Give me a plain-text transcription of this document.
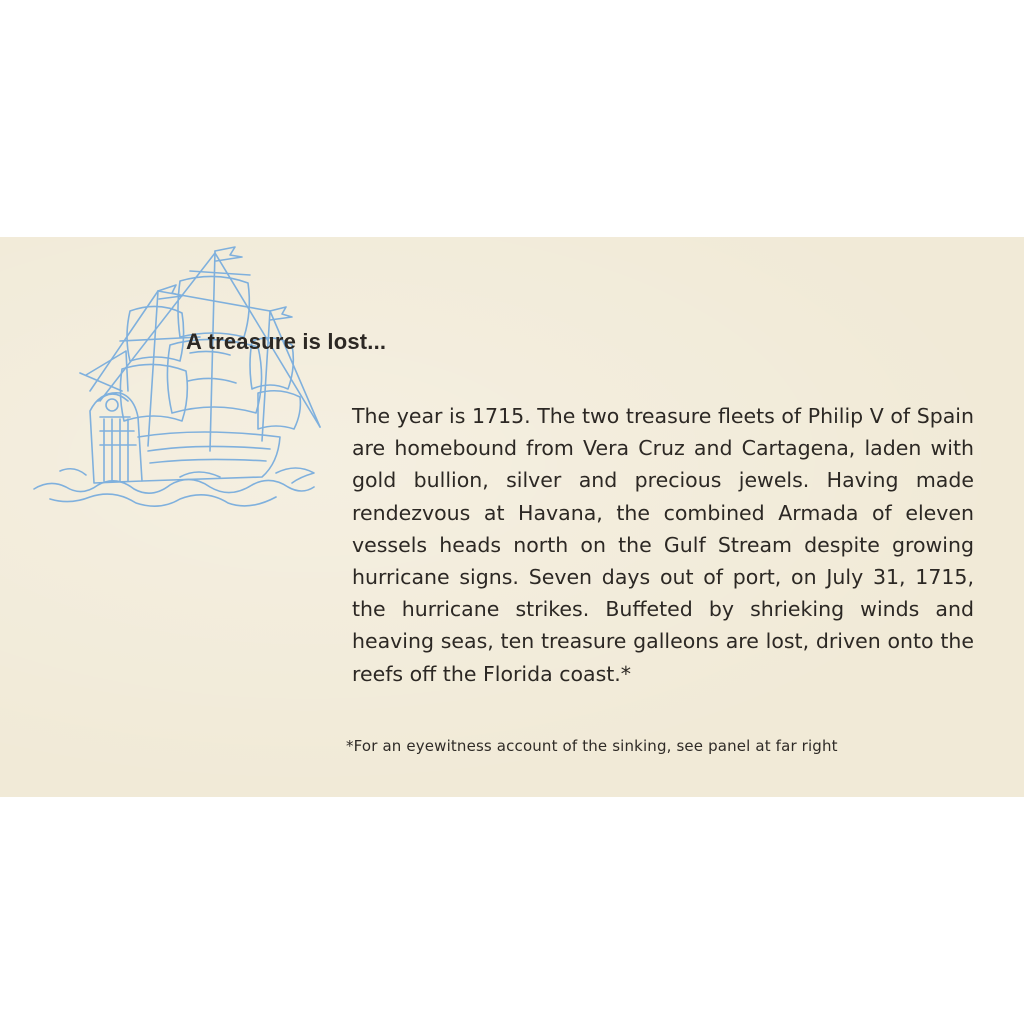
A treasure is lost...

The year is 1715. The two treasure fleets of Philip V of Spain are homebound from Vera Cruz and Cartagena, laden with gold bullion, silver and precious jewels. Having made rendezvous at Havana, the combined Armada of eleven vessels heads north on the Gulf Stream despite growing hurricane signs. Seven days out of port, on July 31, 1715, the hurricane strikes. Buffeted by shrieking winds and heaving seas, ten treasure galleons are lost, driven onto the reefs off the Florida coast.*

*For an eyewitness account of the sinking, see panel at far right
